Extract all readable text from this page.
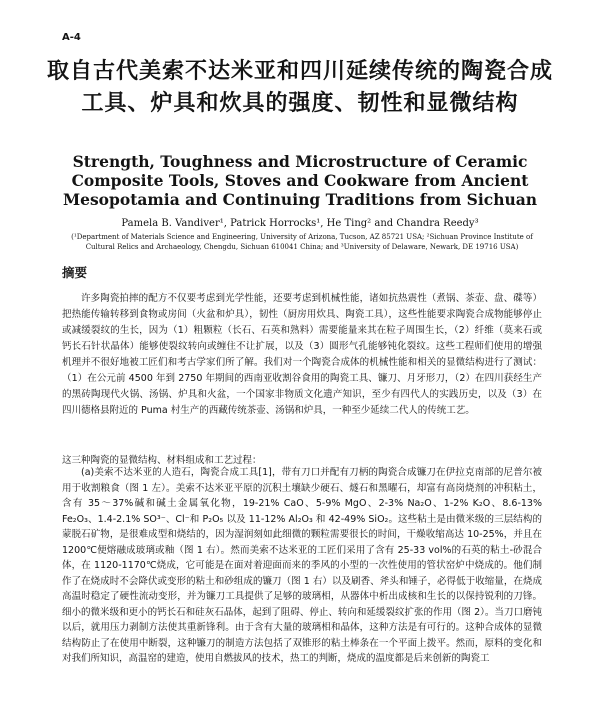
A-4
取自古代美索不达米亚和四川延续传统的陶瓷合成工具、炉具和炊具的强度、韧性和显微结构
Strength, Toughness and Microstructure of Ceramic Composite Tools, Stoves and Cookware from Ancient Mesopotamia and Continuing Traditions from Sichuan
Pamela B. Vandiver¹, Patrick Horrocks¹, He Ting² and Chandra Reedy³
(¹Department of Materials Science and Engineering, University of Arizona, Tucson, AZ 85721 USA; ²Sichuan Province Institute of Cultural Relics and Archaeology, Chengdu, Sichuan 610041 China; and ³University of Delaware, Newark, DE 19716 USA)
摘要

许多陶瓷拍摔的配方不仅要考虑到光学性能，还要考虑到机械性能，诸如抗热震性（煮锅、茶壶、盘、碟等）把热能传输转移到食物或房间（火盆和炉具），韧性（厨房用炊具、陶瓷工具），这些性能要求陶瓷合成物能够停止或减缓裂纹的生长，因为（1）粗颗粒（长石、石英和熟料）需要能量来其在粒子周围生长，（2）纤维（莫来石或钙长石针状晶体）能够使裂纹转向或缠住不让扩展，以及（3）圆形气孔能够钝化裂纹。这些工程师们使用的增强机理并不很好地被工匠们和考古学家们所了解。我们对一个陶瓷合成体的机械性能和相关的显微结构进行了测试：（1）在公元前 4500 年到 2750 年期间的西南亚收割谷食用的陶瓷工具、镰刀、月牙形刀，（2）在四川获经生产的黑砖陶现代火锅、汤锅、炉具和火盆，一个国家非物质文化遗产知识，至少有四代人的实践历史，以及（3）在四川德格县附近的 Puma 村生产的西藏传统茶壶、汤锅和炉具，一种至少延续二代人的传统工艺。

这三种陶瓷的显微结构、材料组成和工艺过程：

(a)美索不达米亚的人造石，陶瓷合成工具[1]，带有刀口并配有刀柄的陶瓷合成镰刀在伊拉克南部的尼普尔被用于收割粮食（图 1 左）。美索不达米亚平原的沉积土壤缺少硬石、燧石和黑曜石，却富有高岗烧剂的冲积粘土，含有 35～37%碱和碱土金属氧化物，19-21% CaO、5-9% MgO、2-3% Na₂O、1-2% K₂O、8.6-13% Fe₂O₃、1.4-2.1% SO³⁻、Cl⁻和 P₂O₅ 以及 11-12% Al₂O₃ 和 42-49% SiO₂。这些粘土是由微米级的三层结构的蒙脱石矿物，是很难成型和烧结的，因为湿润刻如此细微的颗粒需要很长的时间，干燥收缩高达 10-25%，并且在 1200℃便熔融成玻璃或釉（图 1 右）。然而美索不达米亚的工匠们采用了含有 25-33 vol%的石英的粘土-砂混合体，在 1120-1170℃烧成，它可能是在面对着迎面而来的季风的小型的一次性使用的管状窑炉中烧成的。他们制作了在烧成时不会降伏或变形的粘土和砂组成的镰刀（图 1 右）以及刷香、斧头和锤子，必得低于收缩量，在烧成高温时稳定了硬性流动变形，并为镰刀工具提供了足够的玻璃相，从器体中析出成核和生长的以保持锐利的刀锋。细小的微米级和更小的钙长石和硅灰石晶体，起到了阻碍、停止、转向和延缓裂纹扩张的作用（图 2）。当刀口磨钝以后，就用压力剥制方法使其重新锋利。由于含有大量的玻璃相和晶体，这种方法是有可行的。这种合成体的显微结构防止了在使用中断裂，这种镰刀的制造方法包括了双锥形的粘土棒条在一个平面上拨平。然而，原料的变化和对我们所知识，高温窑的建造，使用自燃拔风的技术，热工的判断，烧成的温度都是后来创新的陶瓷工
